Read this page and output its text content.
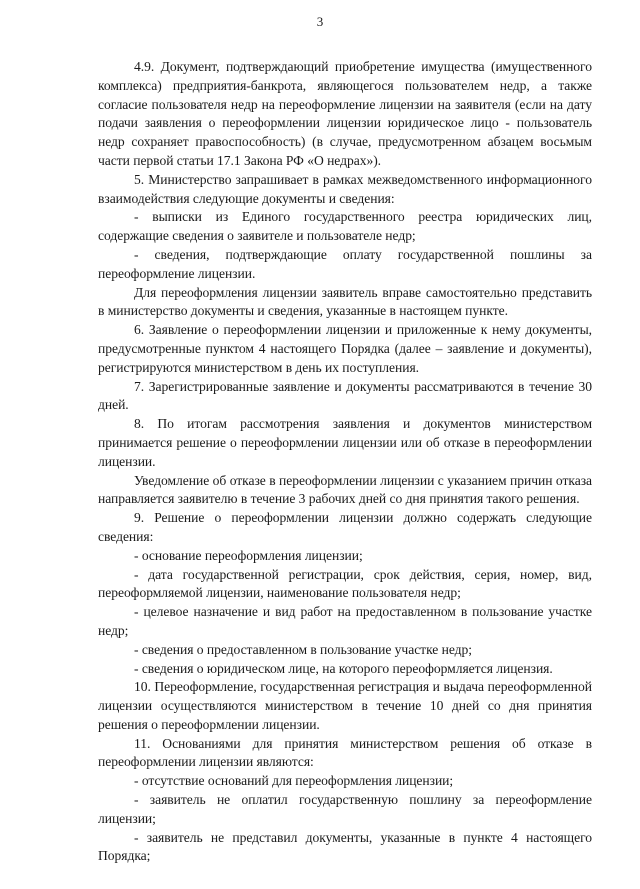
3

4.9. Документ, подтверждающий приобретение имущества (имущественного комплекса) предприятия-банкрота, являющегося пользователем недр, а также согласие пользователя недр на переоформление лицензии на заявителя (если на дату подачи заявления о переоформлении лицензии юридическое лицо - пользователь недр сохраняет правоспособность) (в случае, предусмотренном абзацем восьмым части первой статьи 17.1 Закона РФ «О недрах»).

5. Министерство запрашивает в рамках межведомственного информационного взаимодействия следующие документы и сведения:

- выписки из Единого государственного реестра юридических лиц, содержащие сведения о заявителе и пользователе недр;

- сведения, подтверждающие оплату государственной пошлины за переоформление лицензии.

Для переоформления лицензии заявитель вправе самостоятельно представить в министерство документы и сведения, указанные в настоящем пункте.

6. Заявление о переоформлении лицензии и приложенные к нему документы, предусмотренные пунктом 4 настоящего Порядка (далее – заявление и документы), регистрируются министерством в день их поступления.

7. Зарегистрированные заявление и документы рассматриваются в течение 30 дней.

8. По итогам рассмотрения заявления и документов министерством принимается решение о переоформлении лицензии или об отказе в переоформлении лицензии.

Уведомление об отказе в переоформлении лицензии с указанием причин отказа направляется заявителю в течение 3 рабочих дней со дня принятия такого решения.

9. Решение о переоформлении лицензии должно содержать следующие сведения:

- основание переоформления лицензии;

- дата государственной регистрации, срок действия, серия, номер, вид, переоформляемой лицензии, наименование пользователя недр;

- целевое назначение и вид работ на предоставленном в пользование участке недр;

- сведения о предоставленном в пользование участке недр;

- сведения о юридическом лице, на которого переоформляется лицензия.

10. Переоформление, государственная регистрация и выдача переоформленной лицензии осуществляются министерством в течение 10 дней со дня принятия решения о переоформлении лицензии.

11. Основаниями для принятия министерством решения об отказе в переоформлении лицензии являются:

- отсутствие оснований для переоформления лицензии;

- заявитель не оплатил государственную пошлину за переоформление лицензии;

- заявитель не представил документы, указанные в пункте 4 настоящего Порядка;
